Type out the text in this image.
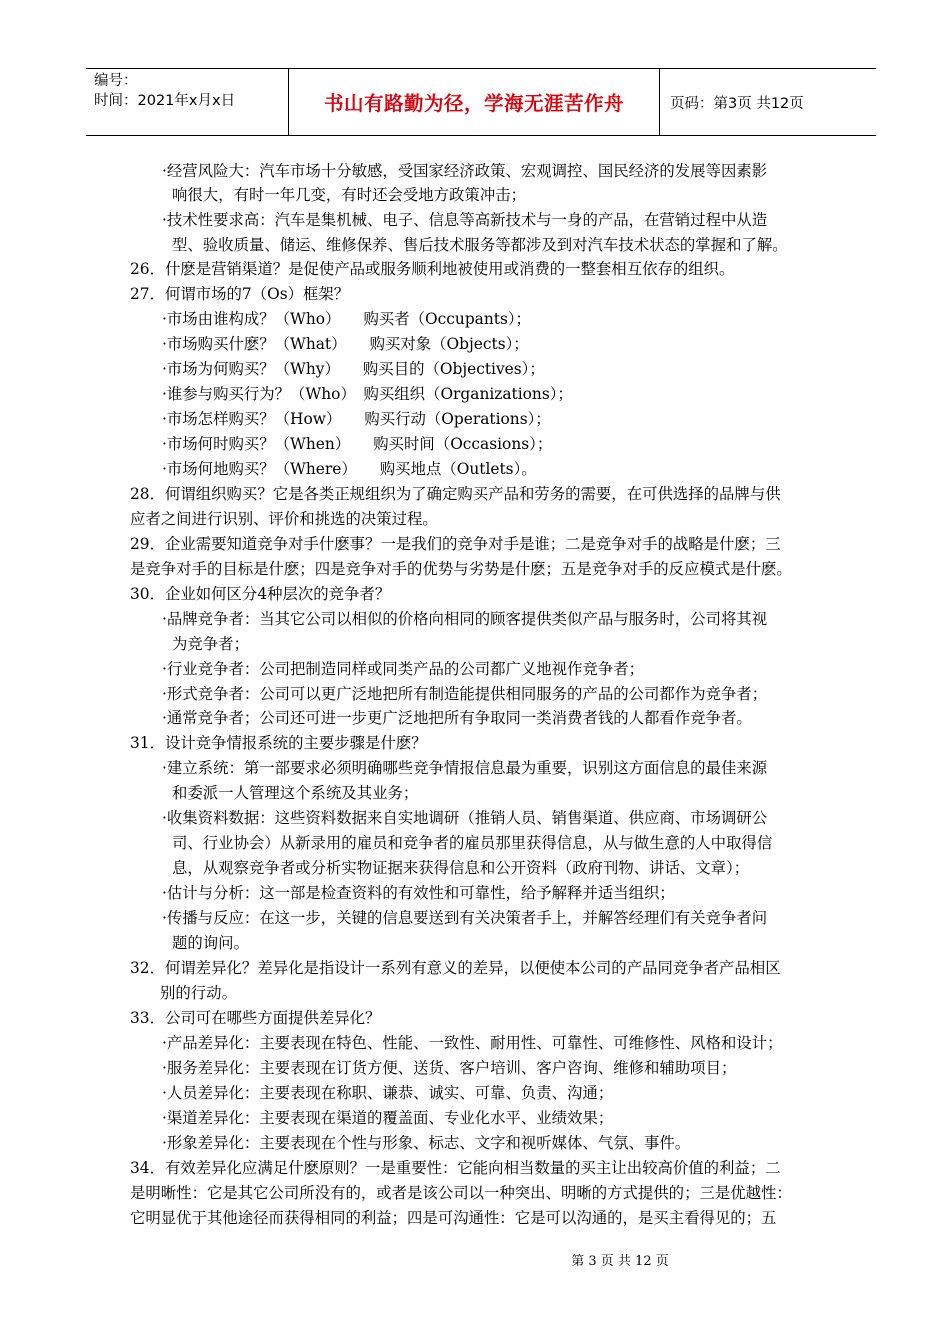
编号：
时间：2021年x月x日	书山有路勤为径，学海无涯苦作舟	页码：第3页 共12页
·经营风险大：汽车市场十分敏感，受国家经济政策、宏观调控、国民经济的发展等因素影
响很大，有时一年几变，有时还会受地方政策冲击；
·技术性要求高：汽车是集机械、电子、信息等高新技术与一身的产品，在营销过程中从造
型、验收质量、储运、维修保养、售后技术服务等都涉及到对汽车技术状态的掌握和了解。
26．什麽是营销渠道？是促使产品或服务顺利地被使用或消费的一整套相互依存的组织。
27．何谓市场的7（Os）框架？
·市场由谁构成？（Who）　　购买者（Occupants）；
·市场购买什麽？（What）　　购买对象（Objects）；
·市场为何购买？（Why）　　购买目的（Objectives）；
·谁参与购买行为？（Who）　购买组织（Organizations）；
·市场怎样购买？（How）　　购买行动（Operations）；
·市场何时购买？（When）　　购买时间（Occasions）；
·市场何地购买？（Where）　　购买地点（Outlets）。
28．何谓组织购买？它是各类正规组织为了确定购买产品和劳务的需要，在可供选择的品牌与供
应者之间进行识别、评价和挑选的决策过程。
29．企业需要知道竞争对手什麽事？一是我们的竞争对手是谁；二是竞争对手的战略是什麽；三
是竞争对手的目标是什麽；四是竞争对手的优势与劣势是什麽；五是竞争对手的反应模式是什麽。
30．企业如何区分4种层次的竞争者？
·品牌竞争者：当其它公司以相似的价格向相同的顾客提供类似产品与服务时，公司将其视
为竞争者；
·行业竞争者：公司把制造同样或同类产品的公司都广义地视作竞争者；
·形式竞争者：公司可以更广泛地把所有制造能提供相同服务的产品的公司都作为竞争者；
·通常竞争者；公司还可进一步更广泛地把所有争取同一类消费者钱的人都看作竞争者。
31．设计竞争情报系统的主要步骤是什麽？
·建立系统：第一部要求必须明确哪些竞争情报信息最为重要，识别这方面信息的最佳来源
和委派一人管理这个系统及其业务；
·收集资料数据：这些资料数据来自实地调研（推销人员、销售渠道、供应商、市场调研公
司、行业协会）从新录用的雇员和竞争者的雇员那里获得信息，从与做生意的人中取得信
息，从观察竞争者或分析实物证据来获得信息和公开资料（政府刊物、讲话、文章）；
·估计与分析：这一部是检查资料的有效性和可靠性，给予解释并适当组织；
·传播与反应：在这一步，关键的信息要送到有关决策者手上，并解答经理们有关竞争者问
题的询问。
32．何谓差异化？差异化是指设计一系列有意义的差异，以便使本公司的产品同竞争者产品相区
别的行动。
33．公司可在哪些方面提供差异化？
·产品差异化：主要表现在特色、性能、一致性、耐用性、可靠性、可维修性、风格和设计；
·服务差异化：主要表现在订货方便、送货、客户培训、客户咨询、维修和辅助项目；
·人员差异化：主要表现在称职、谦恭、诚实、可靠、负责、沟通；
·渠道差异化：主要表现在渠道的覆盖面、专业化水平、业绩效果；
·形象差异化：主要表现在个性与形象、标志、文字和视听媒体、气氛、事件。
34．有效差异化应满足什麽原则？一是重要性：它能向相当数量的买主让出较高价值的利益；二
是明晰性：它是其它公司所没有的，或者是该公司以一种突出、明晰的方式提供的；三是优越性：
它明显优于其他途径而获得相同的利益；四是可沟通性：它是可以沟通的，是买主看得见的；五
第 3 页 共 12 页
